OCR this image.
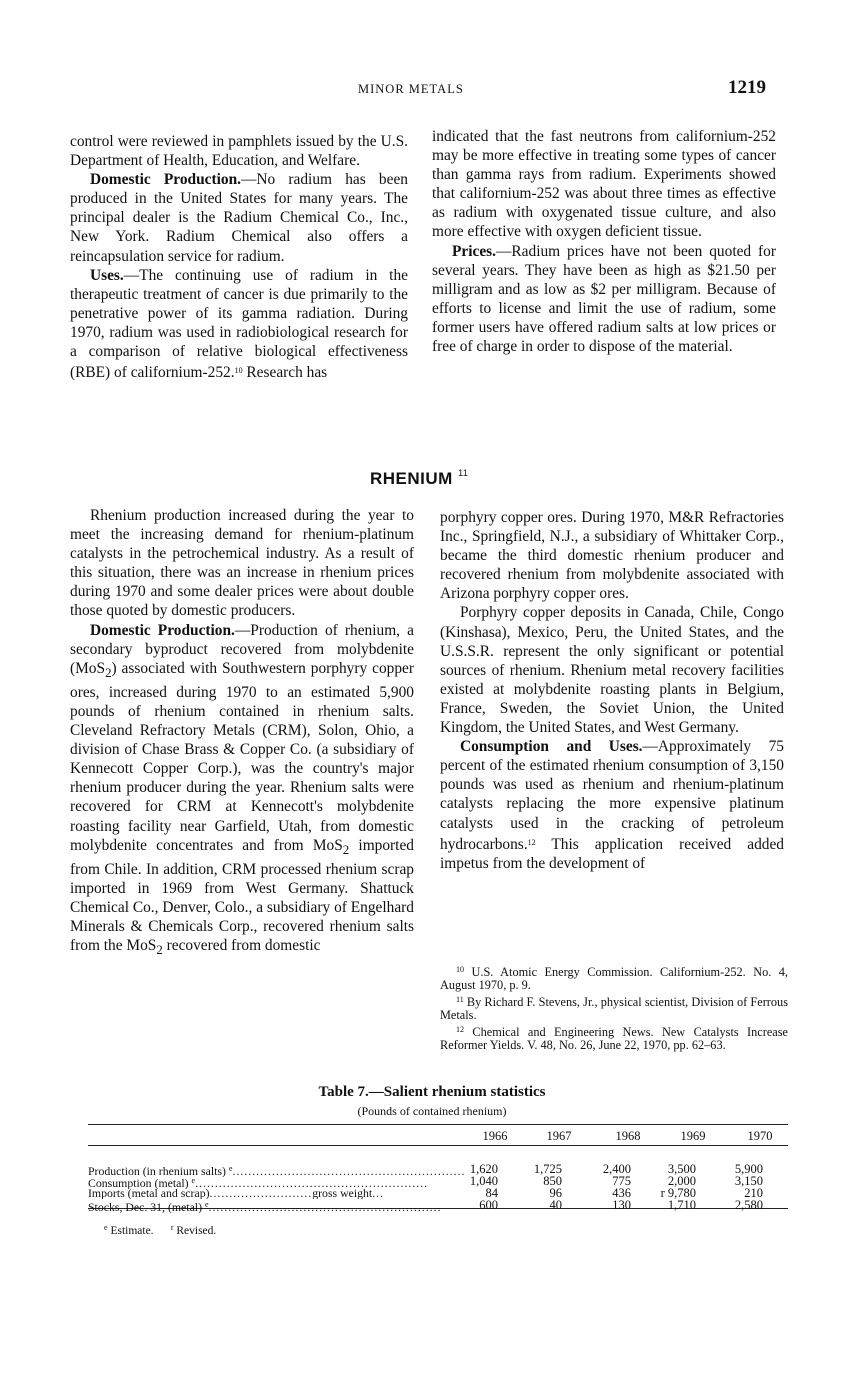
MINOR METALS	1219

control were reviewed in pamphlets issued by the U.S. Department of Health, Education, and Welfare.

Domestic Production.—No radium has been produced in the United States for many years. The principal dealer is the Radium Chemical Co., Inc., New York. Radium Chemical also offers a reincapsulation service for radium.

Uses.—The continuing use of radium in the therapeutic treatment of cancer is due primarily to the penetrative power of its gamma radiation. During 1970, radium was used in radiobiological research for a comparison of relative biological effectiveness (RBE) of californium-252.10 Research has

indicated that the fast neutrons from californium-252 may be more effective in treating some types of cancer than gamma rays from radium. Experiments showed that californium-252 was about three times as effective as radium with oxygenated tissue culture, and also more effective with oxygen deficient tissue.

Prices.—Radium prices have not been quoted for several years. They have been as high as $21.50 per milligram and as low as $2 per milligram. Because of efforts to license and limit the use of radium, some former users have offered radium salts at low prices or free of charge in order to dispose of the material.

RHENIUM $^{11}$

Rhenium production increased during the year to meet the increasing demand for rhenium-platinum catalysts in the petrochemical industry. As a result of this situation, there was an increase in rhenium prices during 1970 and some dealer prices were about double those quoted by domestic producers.

Domestic Production.—Production of rhenium, a secondary byproduct recovered from molybdenite (MoS$_2$) associated with Southwestern porphyry copper ores, increased during 1970 to an estimated 5,900 pounds of rhenium contained in rhenium salts. Cleveland Refractory Metals (CRM), Solon, Ohio, a division of Chase Brass & Copper Co. (a subsidiary of Kennecott Copper Corp.), was the country's major rhenium producer during the year. Rhenium salts were recovered for CRM at Kennecott's molybdenite roasting facility near Garfield, Utah, from domestic molybdenite concentrates and from MoS$_2$ imported from Chile. In addition, CRM processed rhenium scrap imported in 1969 from West Germany. Shattuck Chemical Co., Denver, Colo., a subsidiary of Engelhard Minerals & Chemicals Corp., recovered rhenium salts from the MoS$_2$ recovered from domestic

porphyry copper ores. During 1970, M&R Refractories Inc., Springfield, N.J., a subsidiary of Whittaker Corp., became the third domestic rhenium producer and recovered rhenium from molybdenite associated with Arizona porphyry copper ores.

Porphyry copper deposits in Canada, Chile, Congo (Kinshasa), Mexico, Peru, the United States, and the U.S.S.R. represent the only significant or potential sources of rhenium. Rhenium metal recovery facilities existed at molybdenite roasting plants in Belgium, France, Sweden, the Soviet Union, the United Kingdom, the United States, and West Germany.

Consumption and Uses.—Approximately 75 percent of the estimated rhenium consumption of 3,150 pounds was used as rhenium and rhenium-platinum catalysts replacing the more expensive platinum catalysts used in the cracking of petroleum hydrocarbons.$^{12}$ This application received added impetus from the development of

$^{10}$ U.S. Atomic Energy Commission. Californium-252. No. 4, August 1970, p. 9.

$^{11}$ By Richard F. Stevens, Jr., physical scientist, Division of Ferrous Metals.

$^{12}$ Chemical and Engineering News. New Catalysts Increase Reformer Yields. V. 48, No. 26, June 22, 1970, pp. 62–63.

Table 7.—Salient rhenium statistics
(Pounds of contained rhenium)
1966	1967	1968	1969	1970
Production (in rhenium salts) $^e$........................................................... 1,620	1,725	2,400	3,500	5,900
Consumption (metal) $^e$...........................................................	1,040	850	775	2,000	3,150
Imports (metal and scrap)..........................gross weight...	84	96	436	r 9,780	210
Stocks, Dec. 31, (metal) $^e$...........................................................	600	40	130	1,710	2,580
$^e$ Estimate. $^r$ Revised.
